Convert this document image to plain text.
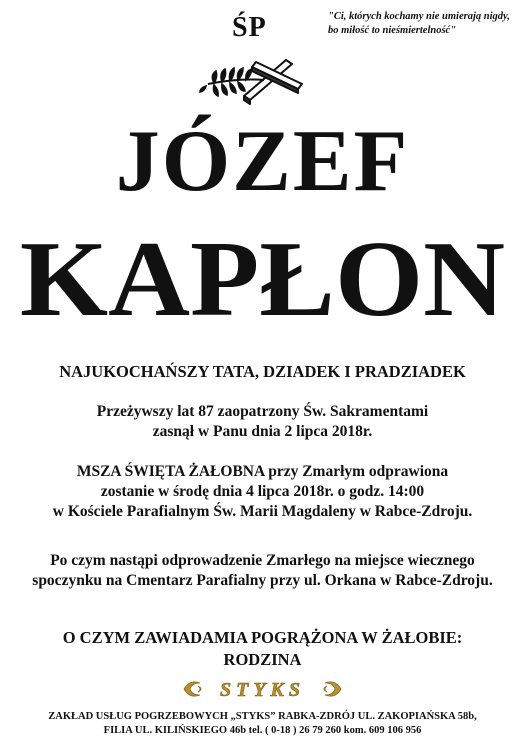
ŚP	"Ci, których kochamy nie umierają nigdy,
bo miłość to nieśmiertelność"
JÓZEF
KAPŁON
NAJUKOCHAŃSZY TATA, DZIADEK I PRADZIADEK
Przeżywszy lat 87 zaopatrzony Św. Sakramentami
zasnął w Panu dnia 2 lipca 2018r.
MSZA ŚWIĘTA ŻAŁOBNA przy Zmarłym odprawiona
zostanie w środę dnia 4 lipca 2018r. o godz. 14:00
w Kościele Parafialnym Św. Marii Magdaleny w Rabce-Zdroju.
Po czym nastąpi odprowadzenie Zmarłego na miejsce wiecznego
spoczynku na Cmentarz Parafialny przy ul. Orkana w Rabce-Zdroju.
O CZYM ZAWIADAMIA POGRĄŻONA W ŻAŁOBIE:
RODZINA
STYKS
ZAKŁAD USŁUG POGRZEBOWYCH „STYKS” RABKA-ZDRÓJ UL. ZAKOPIAŃSKA 58b,
FILIA UL. KILIŃSKIEGO 46b tel. ( 0-18 ) 26 79 260 kom. 609 106 956
